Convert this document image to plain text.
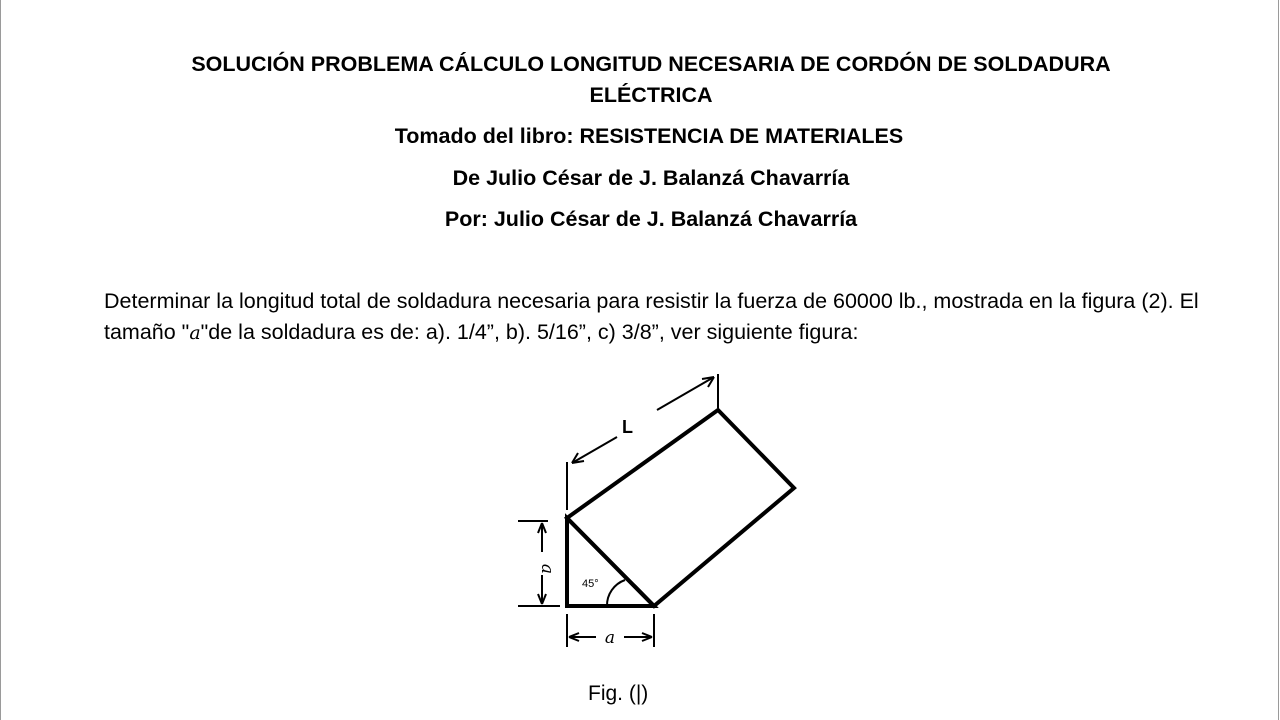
SOLUCIÓN PROBLEMA CÁLCULO LONGITUD NECESARIA DE CORDÓN DE SOLDADURA
ELÉCTRICA
Tomado del libro: RESISTENCIA DE MATERIALES
De Julio César de J. Balanzá Chavarría
Por: Julio César de J. Balanzá Chavarría
Determinar la longitud total de soldadura necesaria para resistir la fuerza de 60000 lb., mostrada en la figura (2). El tamaño "a"de la soldadura es de: a). 1/4”, b). 5/16”, c) 3/8”, ver siguiente figura:
L
a
a
45°
Fig. (|)
